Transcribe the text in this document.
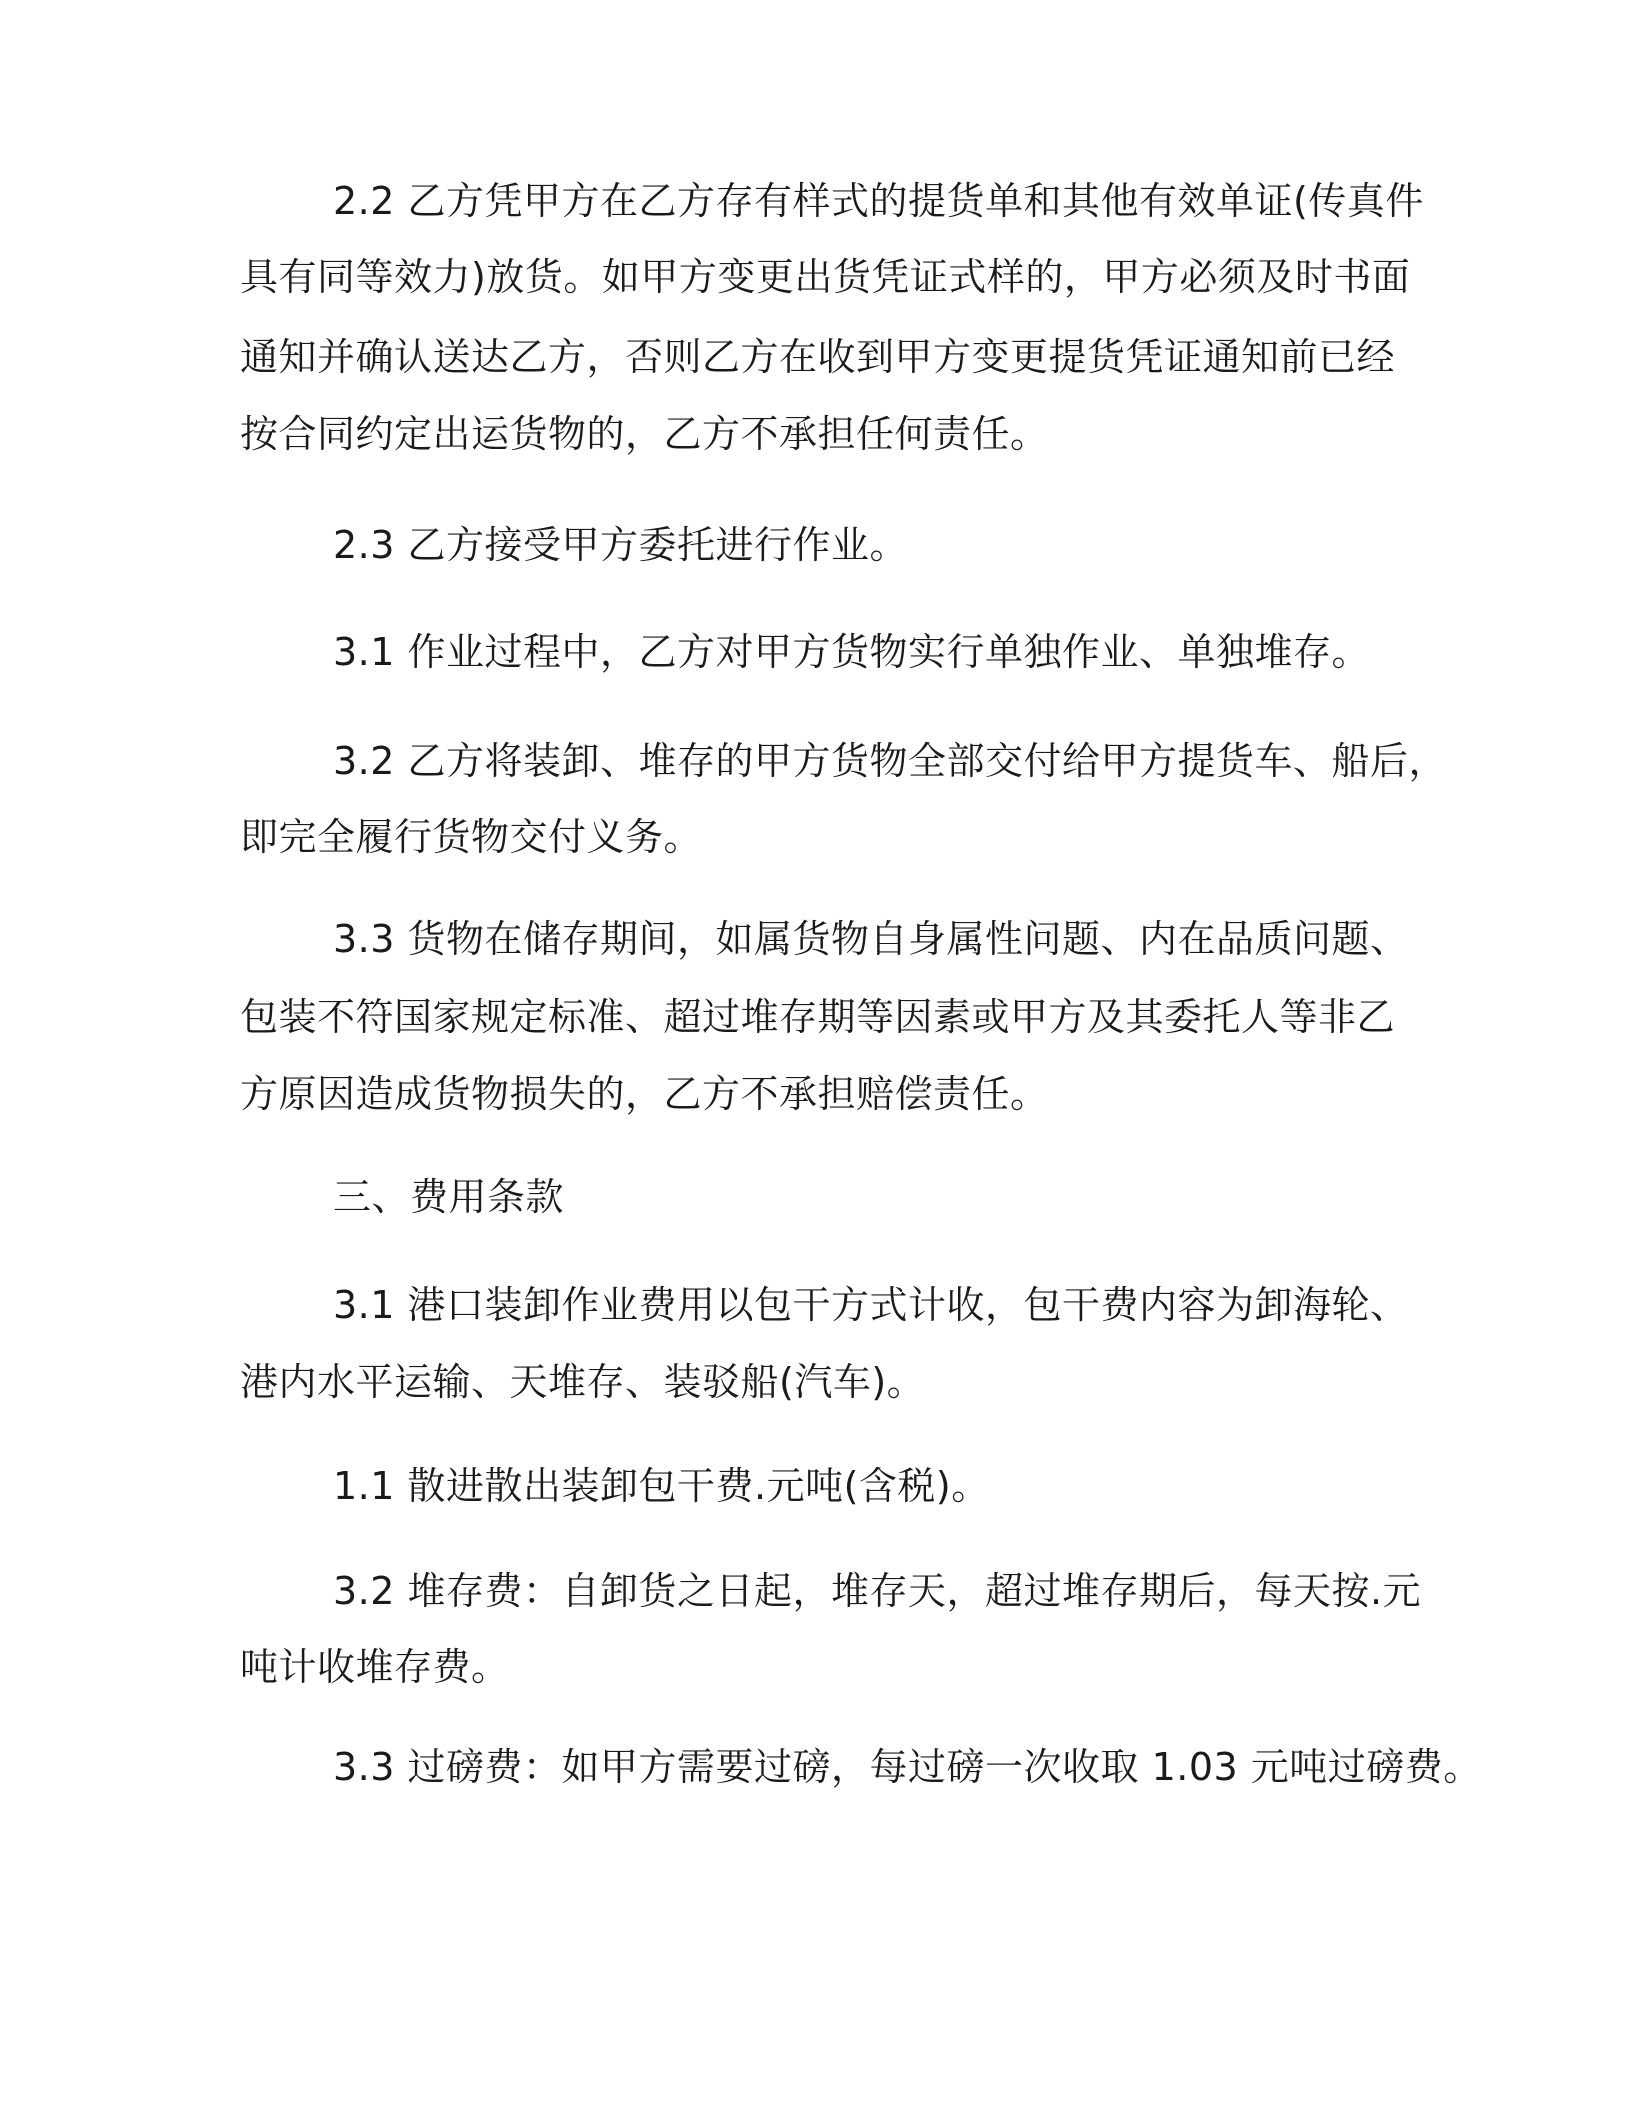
2.2 乙方凭甲方在乙方存有样式的提货单和其他有效单证(传真件

具有同等效力)放货。如甲方变更出货凭证式样的，甲方必须及时书面

通知并确认送达乙方，否则乙方在收到甲方变更提货凭证通知前已经

按合同约定出运货物的，乙方不承担任何责任。

2.3 乙方接受甲方委托进行作业。

3.1 作业过程中，乙方对甲方货物实行单独作业、单独堆存。

3.2 乙方将装卸、堆存的甲方货物全部交付给甲方提货车、船后，

即完全履行货物交付义务。

3.3 货物在储存期间，如属货物自身属性问题、内在品质问题、

包装不符国家规定标准、超过堆存期等因素或甲方及其委托人等非乙

方原因造成货物损失的，乙方不承担赔偿责任。

三、费用条款

3.1 港口装卸作业费用以包干方式计收，包干费内容为卸海轮、

港内水平运输、天堆存、装驳船(汽车)。

1.1 散进散出装卸包干费.元吨(含税)。

3.2 堆存费：自卸货之日起，堆存天，超过堆存期后，每天按.元

吨计收堆存费。

3.3 过磅费：如甲方需要过磅，每过磅一次收取 1.03 元吨过磅费。
